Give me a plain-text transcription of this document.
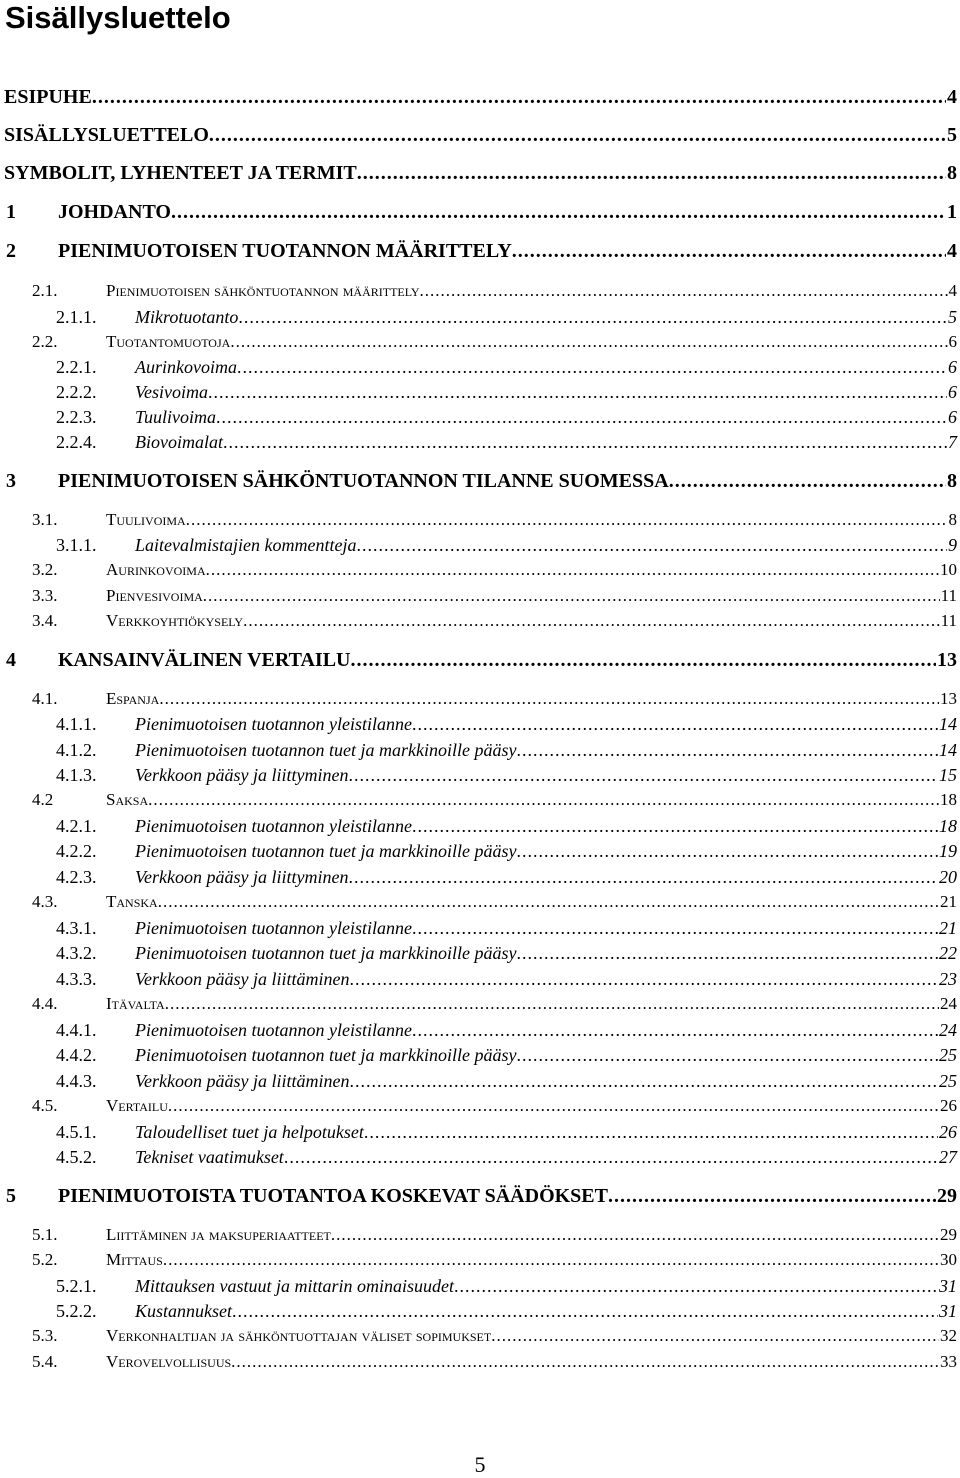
Sisällysluettelo
ESIPUHE .....	4
SISÄLLYSLUETTELO .....	5
SYMBOLIT, LYHENTEET JA TERMIT .....	8
1	JOHDANTO .....	1
2	PIENIMUOTOISEN TUOTANNON MÄÄRITTELY .....	4
2.1.	Pienimuotoisen sähköntuotannon määrittely .....	4
2.1.1.	Mikrotuotanto .....	5
2.2.	Tuotantomuotoja .....	6
2.2.1.	Aurinkovoima .....	6
2.2.2.	Vesivoima .....	6
2.2.3.	Tuulivoima .....	6
2.2.4.	Biovoimalat .....	7
3	PIENIMUOTOISEN SÄHKÖNTUOTANNON TILANNE SUOMESSA .....	8
3.1.	Tuulivoima .....	8
3.1.1.	Laitevalmistajien kommentteja .....	9
3.2.	Aurinkovoima .....	10
3.3.	Pienvesivoima .....	11
3.4.	Verkkoyhtiökysely .....	11
4	KANSAINVÄLINEN VERTAILU .....	13
4.1.	Espanja .....	13
4.1.1.	Pienimuotoisen tuotannon yleistilanne .....	14
4.1.2.	Pienimuotoisen tuotannon tuet ja markkinoille pääsy .....	14
4.1.3.	Verkkoon pääsy ja liittyminen .....	15
4.2	Saksa .....	18
4.2.1.	Pienimuotoisen tuotannon yleistilanne .....	18
4.2.2.	Pienimuotoisen tuotannon tuet ja markkinoille pääsy .....	19
4.2.3.	Verkkoon pääsy ja liittyminen .....	20
4.3.	Tanska .....	21
4.3.1.	Pienimuotoisen tuotannon yleistilanne .....	21
4.3.2.	Pienimuotoisen tuotannon tuet ja markkinoille pääsy .....	22
4.3.3.	Verkkoon pääsy ja liittäminen .....	23
4.4.	Itävalta .....	24
4.4.1.	Pienimuotoisen tuotannon yleistilanne .....	24
4.4.2.	Pienimuotoisen tuotannon tuet ja markkinoille pääsy .....	25
4.4.3.	Verkkoon pääsy ja liittäminen .....	25
4.5.	Vertailu .....	26
4.5.1.	Taloudelliset tuet ja helpotukset .....	26
4.5.2.	Tekniset vaatimukset .....	27
5	PIENIMUOTOISTA TUOTANTOA KOSKEVAT SÄÄDÖKSET .....	29
5.1.	Liittäminen ja maksuperiaatteet .....	29
5.2.	Mittaus .....	30
5.2.1.	Mittauksen vastuut ja mittarin ominaisuudet .....	31
5.2.2.	Kustannukset .....	31
5.3.	Verkonhaltijan ja sähköntuottajan väliset sopimukset .....	32
5.4.	Verovelvollisuus .....	33
5
